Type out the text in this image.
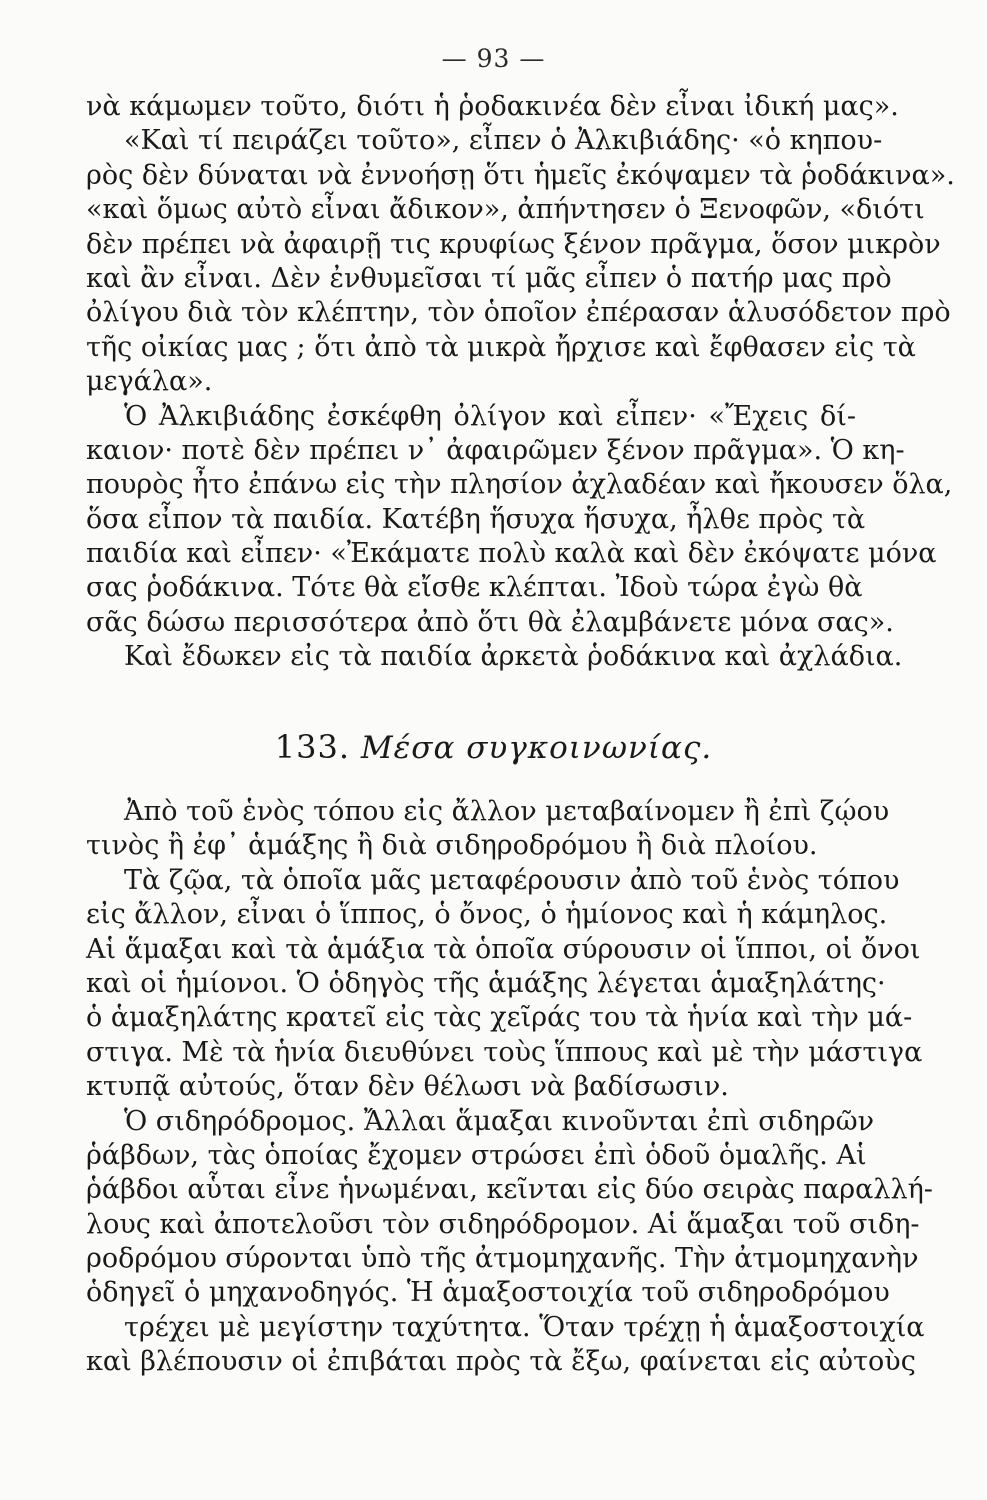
— 93 —
νὰ κάμωμεν τοῦτο, διότι ἡ ῥοδακινέα δὲν εἶναι ἰδική μας».
«Καὶ τί πειράζει τοῦτο», εἶπεν ὁ Ἀλκιβιάδης· «ὁ κηπου-
ρὸς δὲν δύναται νὰ ἐννοήσῃ ὅτι ἡμεῖς ἐκόψαμεν τὰ ῥοδάκινα».
«καὶ ὅμως αὐτὸ εἶναι ἄδικον», ἀπήντησεν ὁ Ξενοφῶν, «διότι
δὲν πρέπει νὰ ἀφαιρῇ τις κρυφίως ξένον πρᾶγμα, ὅσον μικρὸν
καὶ ἂν εἶναι. Δὲν ἐνθυμεῖσαι τί μᾶς εἶπεν ὁ πατήρ μας πρὸ
ὀλίγου διὰ τὸν κλέπτην, τὸν ὁποῖον ἐπέρασαν ἁλυσόδετον πρὸ
τῆς οἰκίας μας ; ὅτι ἀπὸ τὰ μικρὰ ἤρχισε καὶ ἔφθασεν εἰς τὰ
μεγάλα».
Ὁ Ἀλκιβιάδης ἐσκέφθη ὀλίγον καὶ εἶπεν· «Ἔχεις δί-
καιον· ποτὲ δὲν πρέπει ν᾽ ἀφαιρῶμεν ξένον πρᾶγμα». Ὁ κη-
πουρὸς ἦτο ἐπάνω εἰς τὴν πλησίον ἀχλαδέαν καὶ ἤκουσεν ὅλα,
ὅσα εἶπον τὰ παιδία. Κατέβη ἥσυχα ἥσυχα, ἦλθε πρὸς τὰ
παιδία καὶ εἶπεν· «Ἐκάματε πολὺ καλὰ καὶ δὲν ἐκόψατε μόνα
σας ῥοδάκινα. Τότε θὰ εἴσθε κλέπται. Ἰδοὺ τώρα ἐγὼ θὰ
σᾶς δώσω περισσότερα ἀπὸ ὅτι θὰ ἐλαμβάνετε μόνα σας».
Καὶ ἔδωκεν εἰς τὰ παιδία ἀρκετὰ ῥοδάκινα καὶ ἀχλάδια.
133. Μέσα συγκοινωνίας.
Ἀπὸ τοῦ ἑνὸς τόπου εἰς ἄλλον μεταβαίνομεν ἢ ἐπὶ ζῴου
τινὸς ἢ ἐφ᾽ ἁμάξης ἢ διὰ σιδηροδρόμου ἢ διὰ πλοίου.
Τὰ ζῷα, τὰ ὁποῖα μᾶς μεταφέρουσιν ἀπὸ τοῦ ἑνὸς τόπου
εἰς ἄλλον, εἶναι ὁ ἵππος, ὁ ὄνος, ὁ ἡμίονος καὶ ἡ κάμηλος.
Αἱ ἅμαξαι καὶ τὰ ἁμάξια τὰ ὁποῖα σύρουσιν οἱ ἵπποι, οἱ ὄνοι
καὶ οἱ ἡμίονοι. Ὁ ὁδηγὸς τῆς ἁμάξης λέγεται ἁμαξηλάτης·
ὁ ἁμαξηλάτης κρατεῖ εἰς τὰς χεῖράς του τὰ ἡνία καὶ τὴν μά-
στιγα. Μὲ τὰ ἡνία διευθύνει τοὺς ἵππους καὶ μὲ τὴν μάστιγα
κτυπᾷ αὐτούς, ὅταν δὲν θέλωσι νὰ βαδίσωσιν.
Ὁ σιδηρόδρομος. Ἄλλαι ἅμαξαι κινοῦνται ἐπὶ σιδηρῶν
ῥάβδων, τὰς ὁποίας ἔχομεν στρώσει ἐπὶ ὁδοῦ ὁμαλῆς. Αἱ
ῥάβδοι αὗται εἶνε ἡνωμέναι, κεῖνται εἰς δύο σειρὰς παραλλή-
λους καὶ ἀποτελοῦσι τὸν σιδηρόδρομον. Αἱ ἅμαξαι τοῦ σιδη-
ροδρόμου σύρονται ὑπὸ τῆς ἀτμομηχανῆς. Τὴν ἀτμομηχανὴν
ὁδηγεῖ ὁ μηχανοδηγός. Ἡ ἁμαξοστοιχία τοῦ σιδηροδρόμου
τρέχει μὲ μεγίστην ταχύτητα. Ὅταν τρέχῃ ἡ ἁμαξοστοιχία
καὶ βλέπουσιν οἱ ἐπιβάται πρὸς τὰ ἔξω, φαίνεται εἰς αὐτοὺς
